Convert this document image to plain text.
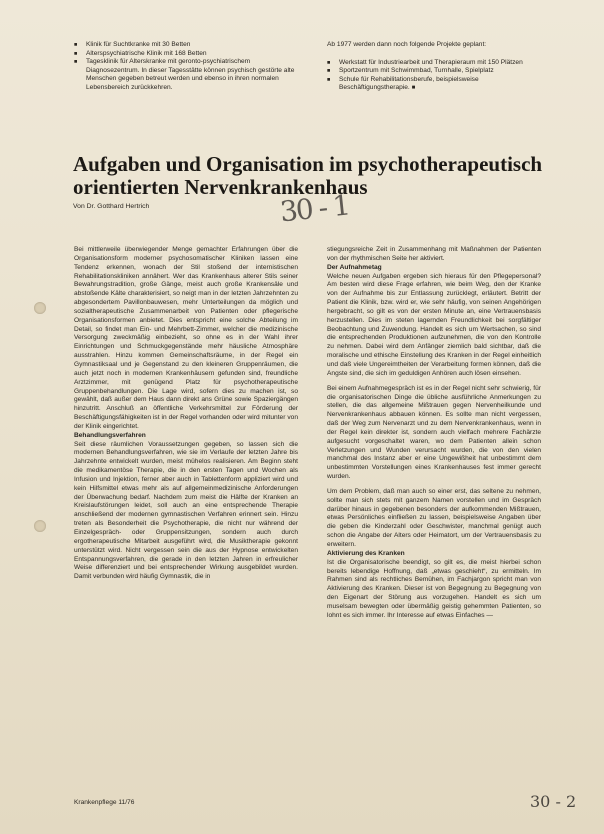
■ Klinik für Suchtkranke mit 30 Betten
■ Alterspsychiatrische Klinik mit 168 Betten
■ Tagesklinik für Alterskranke mit geronto-psychiatrischem Diagnosezentrum. In dieser Tagesstätte können psychisch gestörte alte Menschen gegeben betreut werden und ebenso in ihren normalen Lebensbereich zurückkehren.
Ab 1977 werden dann noch folgende Projekte geplant:
■ Werkstatt für Industriearbeit und Therapieraum mit 150 Plätzen
■ Sportzentrum mit Schwimmbad, Turnhalle, Spielplatz
■ Schule für Rehabilitationsberufe, beispielsweise Beschäftigungstherapie. ■
Aufgaben und Organisation im psychotherapeutisch orientierten Nervenkrankenhaus
Von Dr. Gotthard Hertrich	30 - 1

Bei mittlerweile überwiegender Menge gemachter Erfahrungen über die Organisationsform moderner psychosomatischer Kliniken lassen eine Tendenz erkennen, wonach der Stil stoßend der internistischen Rehabilitationskliniken annähert. Wer das Krankenhaus alterer Stils seiner Bewahrungstradition, große Gänge, meist auch große Krankensäle und abstoßende Kälte charakterisiert, so neigt man in der letzten Jahrzehnten zu abgesondertem Pavillonbauwesen, mehr Unterteilungen da möglich und sozialtherapeutische Zusammenarbeit von Patienten oder pflegerische Organisationsformen anbietet. Dies entspricht eine solche Abteilung im Detail, so findet man Ein- und Mehrbett-Zimmer, welcher die medizinische Versorgung zweckmäßig einbezieht, so ohne es in der Wahl ihrer Einrichtungen und Schmuckgegenstände mehr häusliche Atmosphäre ausstrahlen. Hinzu kommen Gemeinschaftsräume, in der Regel ein Gymnastiksaal und je Gegenstand zu den kleineren Gruppenräumen, die auch jetzt noch in modernen Krankenhäusern gefunden sind, freundliche Arztzimmer, mit genügend Platz für psychotherapeutische Gruppenbehandlungen. Die Lage wird, sofern dies zu machen ist, so gewählt, daß außer dem Haus dann direkt ans Grüne sowie Spaziergängen hinzutritt. Anschluß an öffentliche Verkehrsmittel zur Förderung der Beschäftigungsfähigkeiten ist in der Regel vorhanden oder wird mitunter von der Klinik eingerichtet.

Behandlungsverfahren

Seit diese räumlichen Voraussetzungen gegeben, so lassen sich die modernen Behandlungsverfahren, wie sie im Verlaufe der letzten Jahre bis Jahrzehnte entwickelt wurden, meist mühelos realisieren. Am Beginn steht die medikamentöse Therapie, die in den ersten Tagen und Wochen als Infusion und Injektion, ferner aber auch in Tablettenform appliziert wird und kein Hilfsmittel etwas mehr als auf allgemeinmedizinische Anforderungen der Überwachung bedarf. Nachdem zum meist die Hälfte der Kranken an Kreislaufstörungen leidet, soll auch an eine entsprechende Therapie anschließend der modernen gymnastischen Verfahren erinnert sein. Hinzu treten als Besonderheit die Psychotherapie, die nicht nur während der Einzelgespräch- oder Gruppensitzungen, sondern auch durch ergotherapeutische Mitarbeit ausgeführt wird, die Musiktherapie gekonnt unterstützt wird. Nicht vergessen sein die aus der Hypnose entwickelten Entspannungsverfahren, die gerade in den letzten Jahren in erfreulicher Weise differenziert und bei entsprechender Wirkung ausgebildet wurden. Damit verbunden wird häufig Gymnastik, die in

stiegungsreiche Zeit in Zusammenhang mit Maßnahmen der Patienten von der rhythmischen Seite her aktiviert.

Der Aufnahmetag

Welche neuen Aufgaben ergeben sich hieraus für den Pflegepersonal? Am besten wird diese Frage erfahren, wie beim Weg, den der Kranke von der Aufnahme bis zur Entlassung zurücklegt, erläutert. Betritt der Patient die Klinik, bzw. wird er, wie sehr häufig, von seinen Angehörigen hergebracht, so gilt es von der ersten Minute an, eine Vertrauensbasis herzustellen. Dies im steten lagernden Freundlichkeit bei sorgfältiger Beobachtung und Zuwendung. Handelt es sich um Wertsachen, so sind die entsprechenden Produktionen aufzunehmen, die von den Kontrolle zu nehmen. Dabei wird dem Anfänger ziemlich bald sichtbar, daß die moralische und ethische Einstellung des Kranken in der Regel einheitlich und daß viele Ungereimtheiten der Verarbeitung formen können, daß die Angste sind, die sich im geduldigen Anhören auch lösen einsehen.

Bei einem Aufnahmegespräch ist es in der Regel nicht sehr schwierig, für die organisatorischen Dinge die übliche ausführliche Anmerkungen zu stellen, die das allgemeine Mißtrauen gegen Nervenheilkunde und Nervenkrankenhaus abbauen können. Es sollte man nicht vergessen, daß der Weg zum Nervenarzt und zu dem Nervenkrankenhaus, wenn in der Regel kein direkter ist, sondern auch vielfach mehrere Fachärzte aufgesucht vorgeschaltet waren, wo dem Patienten allein schon Verletzungen und Wunden verursacht wurden, die von den vielen manchmal des Instanz aber er eine Ungewißheit hat unbestimmt dem unbestimmten Vorstellungen eines Krankenhauses fest immer gerecht wurden.

Um dem Problem, daß man auch so einer erst, das seltene zu nehmen, sollte man sich stets mit ganzem Namen vorstellen und im Gespräch darüber hinaus in gegebenen besonders der aufkommenden Mißtrauen, etwas Persönliches einfließen zu lassen, beispielsweise Angaben über die geben die Kinderzahl oder Geschwister, manchmal genügt auch schon die Angabe der Alters oder Heimatort, um der Vertrauensbasis zu erweitern.

Aktivierung des Kranken

Ist die Organisatorische beendigt, so gilt es, die meist hierbei schon bereits lebendige Hoffnung, daß „etwas geschieht“, zu ermitteln. Im Rahmen sind als rechtliches Bemühen, im Fachjargon spricht man von Aktivierung des Kranken. Dieser ist von Begegnung zu Begegnung von den Eigenart der Störung aus vorzugehen. Handelt es sich um muselsam bewegten oder übermäßig geistig gehemmten Patienten, so lohnt es sich immer. Ihr Interesse auf etwas Einfaches —

Krankenpflege 11/76	30 - 2
